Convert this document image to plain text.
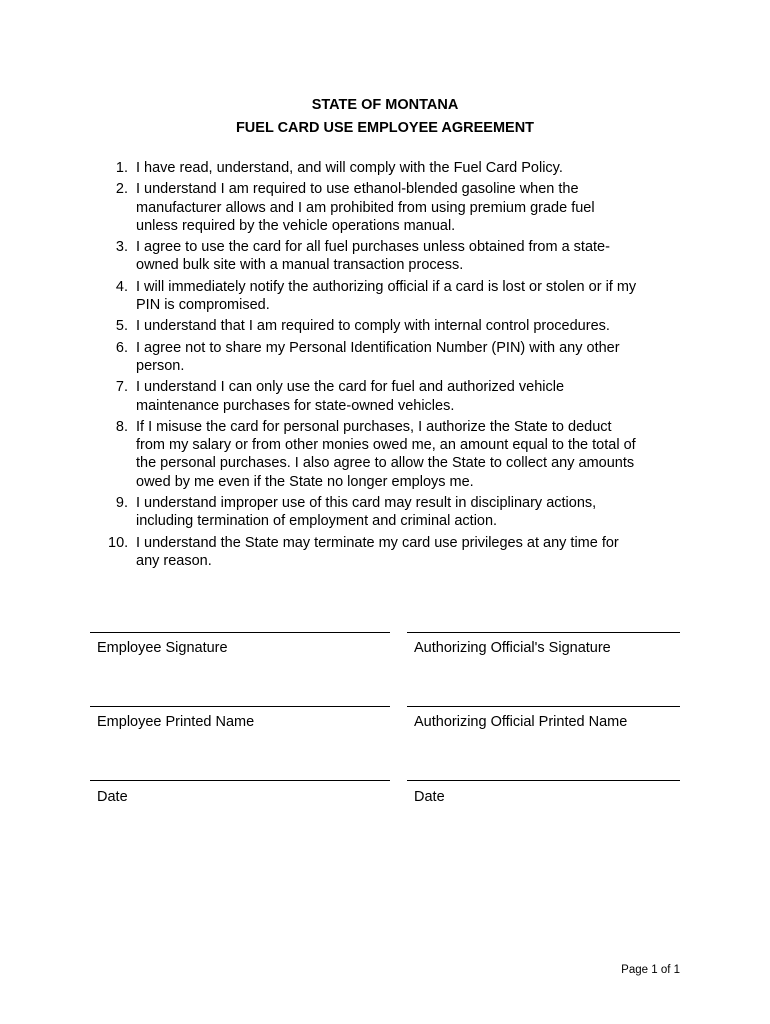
STATE OF MONTANA
FUEL CARD USE EMPLOYEE AGREEMENT
1. I have read, understand, and will comply with the Fuel Card Policy.
2. I understand I am required to use ethanol-blended gasoline when the manufacturer allows and I am prohibited from using premium grade fuel unless required by the vehicle operations manual.
3. I agree to use the card for all fuel purchases unless obtained from a state-owned bulk site with a manual transaction process.
4. I will immediately notify the authorizing official if a card is lost or stolen or if my PIN is compromised.
5. I understand that I am required to comply with internal control procedures.
6. I agree not to share my Personal Identification Number (PIN) with any other person.
7. I understand I can only use the card for fuel and authorized vehicle maintenance purchases for state-owned vehicles.
8. If I misuse the card for personal purchases, I authorize the State to deduct from my salary or from other monies owed me, an amount equal to the total of the personal purchases. I also agree to allow the State to collect any amounts owed by me even if the State no longer employs me.
9. I understand improper use of this card may result in disciplinary actions, including termination of employment and criminal action.
10. I understand the State may terminate my card use privileges at any time for any reason.
Employee Signature	Authorizing Official's Signature
Employee Printed Name	Authorizing Official Printed Name
Date	Date
Page 1 of 1
